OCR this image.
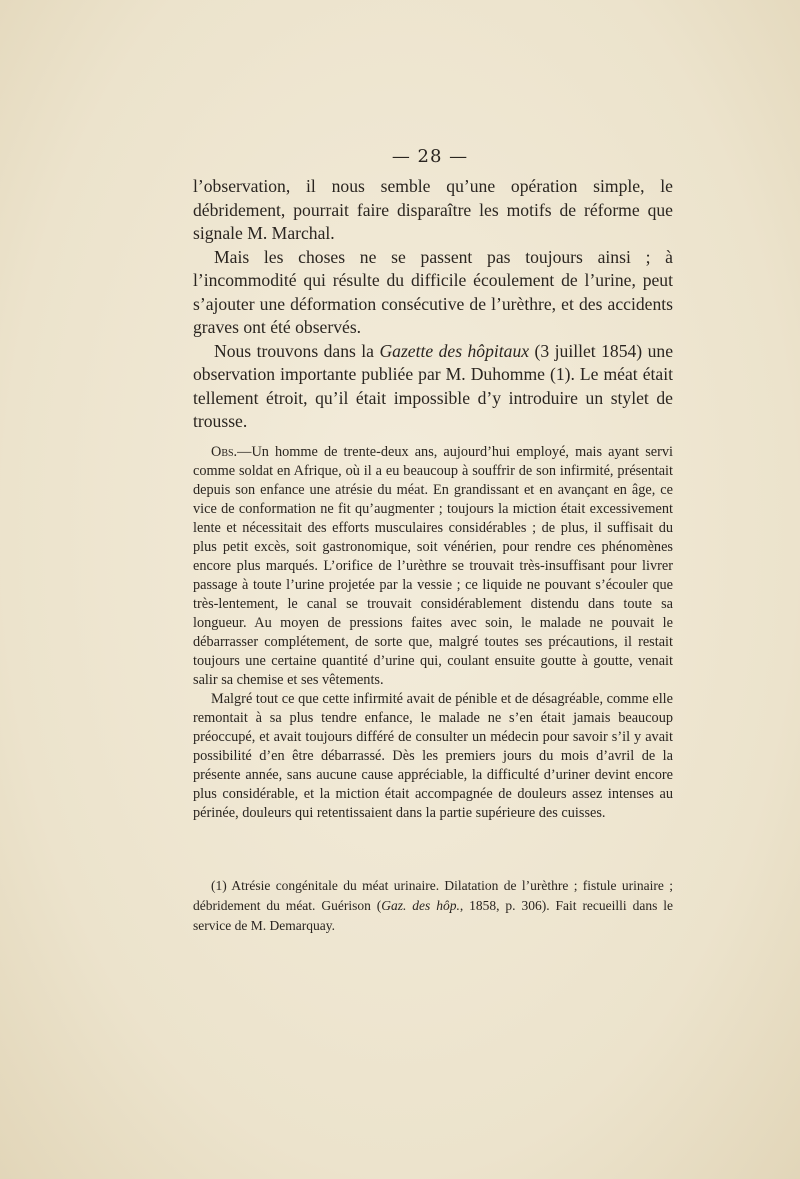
— 28 —

l’observation, il nous semble qu’une opération simple, le débridement, pourrait faire disparaître les motifs de réforme que signale M. Marchal.

Mais les choses ne se passent pas toujours ainsi ; à l’incommodité qui résulte du difficile écoulement de l’urine, peut s’ajouter une déformation consécutive de l’urèthre, et des accidents graves ont été observés.

Nous trouvons dans la Gazette des hôpitaux (3 juillet 1854) une observation importante publiée par M. Duhomme (1). Le méat était tellement étroit, qu’il était impossible d’y introduire un stylet de trousse.

Obs.—Un homme de trente-deux ans, aujourd’hui employé, mais ayant servi comme soldat en Afrique, où il a eu beaucoup à souffrir de son infirmité, présentait depuis son enfance une atrésie du méat. En grandissant et en avançant en âge, ce vice de conformation ne fit qu’augmenter ; toujours la miction était excessivement lente et nécessitait des efforts musculaires considérables ; de plus, il suffisait du plus petit excès, soit gastronomique, soit vénérien, pour rendre ces phénomènes encore plus marqués. L’orifice de l’urèthre se trouvait très-insuffisant pour livrer passage à toute l’urine projetée par la vessie ; ce liquide ne pouvant s’écouler que très-lentement, le canal se trouvait considérablement distendu dans toute sa longueur. Au moyen de pressions faites avec soin, le malade ne pouvait le débarrasser complétement, de sorte que, malgré toutes ses précautions, il restait toujours une certaine quantité d’urine qui, coulant ensuite goutte à goutte, venait salir sa chemise et ses vêtements.

Malgré tout ce que cette infirmité avait de pénible et de désagréable, comme elle remontait à sa plus tendre enfance, le malade ne s’en était jamais beaucoup préoccupé, et avait toujours différé de consulter un médecin pour savoir s’il y avait possibilité d’en être débarrassé. Dès les premiers jours du mois d’avril de la présente année, sans aucune cause appréciable, la difficulté d’uriner devint encore plus considérable, et la miction était accompagnée de douleurs assez intenses au périnée, douleurs qui retentissaient dans la partie supérieure des cuisses.

(1) Atrésie congénitale du méat urinaire. Dilatation de l’urèthre ; fistule urinaire ; débridement du méat. Guérison (Gaz. des hôp., 1858, p. 306). Fait recueilli dans le service de M. Demarquay.
